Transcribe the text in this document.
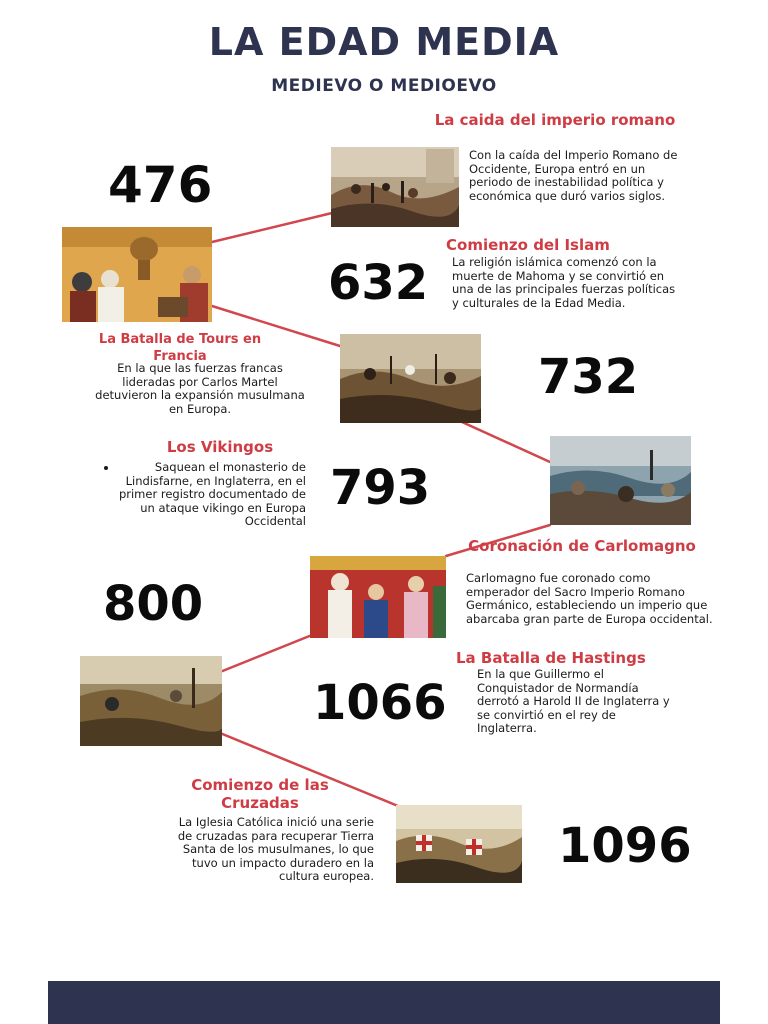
LA EDAD MEDIA
MEDIEVO O MEDIOEVO
476
La caida del imperio romano
Con la caída del Imperio Romano de Occidente, Europa entró en un periodo de inestabilidad política y económica que duró varios siglos.
632
Comienzo del Islam
La religión islámica comenzó con la muerte de Mahoma y se convirtió en una de las principales fuerzas políticas y culturales de la Edad Media.
La Batalla de Tours en Francia
En la que las fuerzas francas lideradas por Carlos Martel detuvieron la expansión musulmana en Europa.
732
Los Vikingos
• Saquean el monasterio de Lindisfarne, en Inglaterra, en el primer registro documentado de un ataque vikingo en Europa Occidental
793
800
Coronación de Carlomagno
Carlomagno fue coronado como emperador del Sacro Imperio Romano Germánico, estableciendo un imperio que abarcaba gran parte de Europa occidental.
1066
La Batalla de Hastings
En la que Guillermo el Conquistador de Normandía derrotó a Harold II de Inglaterra y se convirtió en el rey de Inglaterra.
Comienzo de las Cruzadas
La Iglesia Católica inició una serie de cruzadas para recuperar Tierra Santa de los musulmanes, lo que tuvo un impacto duradero en la cultura europea.
1096
